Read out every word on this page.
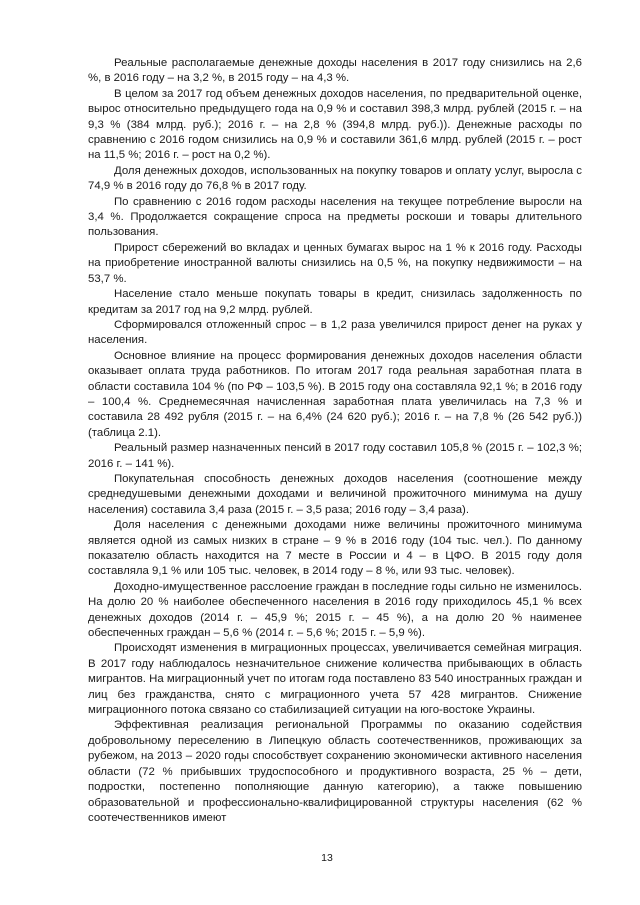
Реальные располагаемые денежные доходы населения в 2017 году снизились на 2,6 %, в 2016 году – на 3,2 %, в 2015 году – на 4,3 %.

В целом за 2017 год объем денежных доходов населения, по предварительной оценке, вырос относительно предыдущего года на 0,9 % и составил 398,3 млрд. рублей (2015 г. – на 9,3 % (384 млрд. руб.); 2016 г. – на 2,8 % (394,8 млрд. руб.)). Денежные расходы по сравнению с 2016 годом снизились на 0,9 % и составили 361,6 млрд. рублей (2015 г. – рост на 11,5 %; 2016 г. – рост на 0,2 %).

Доля денежных доходов, использованных на покупку товаров и оплату услуг, выросла с 74,9 % в 2016 году до 76,8 % в 2017 году.

По сравнению с 2016 годом расходы населения на текущее потребление выросли на 3,4 %. Продолжается сокращение спроса на предметы роскоши и товары длительного пользования.

Прирост сбережений во вкладах и ценных бумагах вырос на 1 % к 2016 году. Расходы на приобретение иностранной валюты снизились на 0,5 %, на покупку недвижимости – на 53,7 %.

Население стало меньше покупать товары в кредит, снизилась задолженность по кредитам за 2017 год на 9,2 млрд. рублей.

Сформировался отложенный спрос – в 1,2 раза увеличился прирост денег на руках у населения.

Основное влияние на процесс формирования денежных доходов населения области оказывает оплата труда работников. По итогам 2017 года реальная заработная плата в области составила 104 % (по РФ – 103,5 %). В 2015 году она составляла 92,1 %; в 2016 году – 100,4 %. Среднемесячная начисленная заработная плата увеличилась на 7,3 % и составила 28 492 рубля (2015 г. – на 6,4% (24 620 руб.); 2016 г. – на 7,8 % (26 542 руб.)) (таблица 2.1).

Реальный размер назначенных пенсий в 2017 году составил 105,8 % (2015 г. – 102,3 %; 2016 г. – 141 %).

Покупательная способность денежных доходов населения (соотношение между среднедушевыми денежными доходами и величиной прожиточного минимума на душу населения) составила 3,4 раза (2015 г. – 3,5 раза; 2016 году – 3,4 раза).

Доля населения с денежными доходами ниже величины прожиточного минимума является одной из самых низких в стране – 9 % в 2016 году (104 тыс. чел.). По данному показателю область находится на 7 месте в России и 4 – в ЦФО. В 2015 году доля составляла 9,1 % или 105 тыс. человек, в 2014 году – 8 %, или 93 тыс. человек).

Доходно-имущественное расслоение граждан в последние годы сильно не изменилось. На долю 20 % наиболее обеспеченного населения в 2016 году приходилось 45,1 % всех денежных доходов (2014 г. – 45,9 %; 2015 г. – 45 %), а на долю 20 % наименее обеспеченных граждан – 5,6 % (2014 г. – 5,6 %; 2015 г. – 5,9 %).

Происходят изменения в миграционных процессах, увеличивается семейная миграция. В 2017 году наблюдалось незначительное снижение количества прибывающих в область мигрантов. На миграционный учет по итогам года поставлено 83 540 иностранных граждан и лиц без гражданства, снято с миграционного учета 57 428 мигрантов. Снижение миграционного потока связано со стабилизацией ситуации на юго-востоке Украины.

Эффективная реализация региональной Программы по оказанию содействия добровольному переселению в Липецкую область соотечественников, проживающих за рубежом, на 2013 – 2020 годы способствует сохранению экономически активного населения области (72 % прибывших трудоспособного и продуктивного возраста, 25 % – дети, подростки, постепенно пополняющие данную категорию), а также повышению образовательной и профессионально-квалифицированной структуры населения (62 % соотечественников имеют

13
